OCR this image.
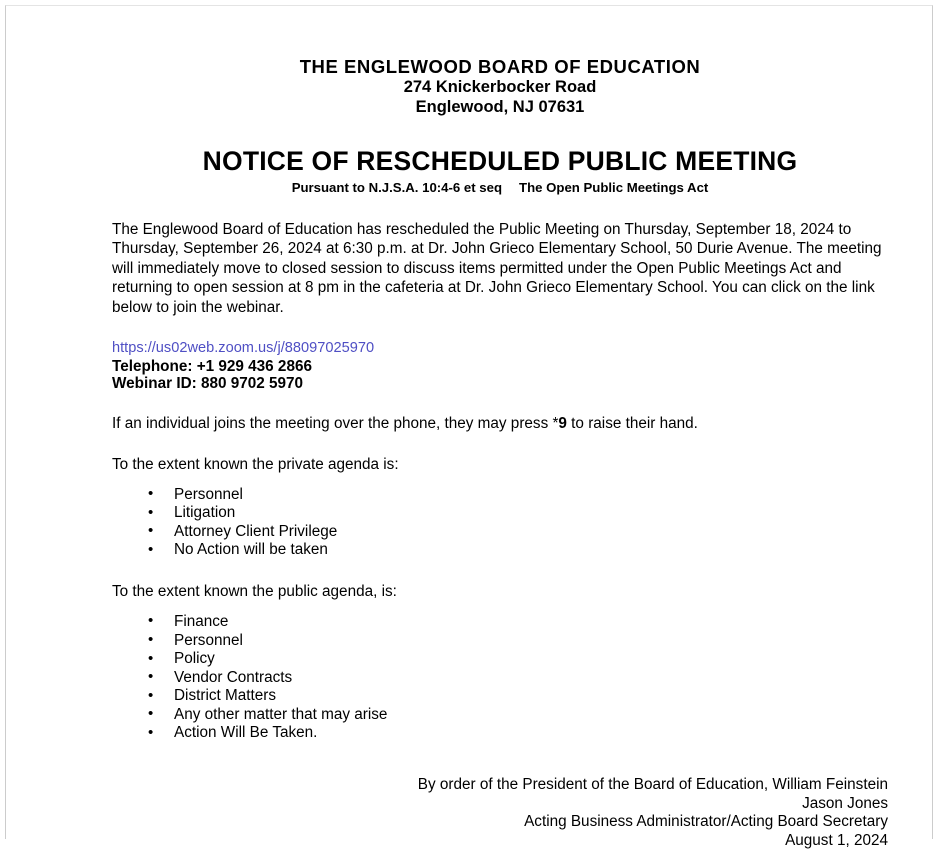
THE ENGLEWOOD BOARD OF EDUCATION
274 Knickerbocker Road
Englewood, NJ 07631
NOTICE OF RESCHEDULED PUBLIC MEETING
Pursuant to N.J.S.A. 10:4-6 et seq The Open Public Meetings Act
The Englewood Board of Education has rescheduled the Public Meeting on Thursday, September 18, 2024 to Thursday, September 26, 2024 at 6:30 p.m. at Dr. John Grieco Elementary School, 50 Durie Avenue. The meeting will immediately move to closed session to discuss items permitted under the Open Public Meetings Act and returning to open session at 8 pm in the cafeteria at Dr. John Grieco Elementary School. You can click on the link below to join the webinar.
https://us02web.zoom.us/j/88097025970
Telephone: +1 929 436 2866
Webinar ID: 880 9702 5970
If an individual joins the meeting over the phone, they may press *9 to raise their hand.
To the extent known the private agenda is:
• Personnel
• Litigation
• Attorney Client Privilege
• No Action will be taken
To the extent known the public agenda, is:
• Finance
• Personnel
• Policy
• Vendor Contracts
• District Matters
• Any other matter that may arise
• Action Will Be Taken.
By order of the President of the Board of Education, William Feinstein
Jason Jones
Acting Business Administrator/Acting Board Secretary
August 1, 2024
